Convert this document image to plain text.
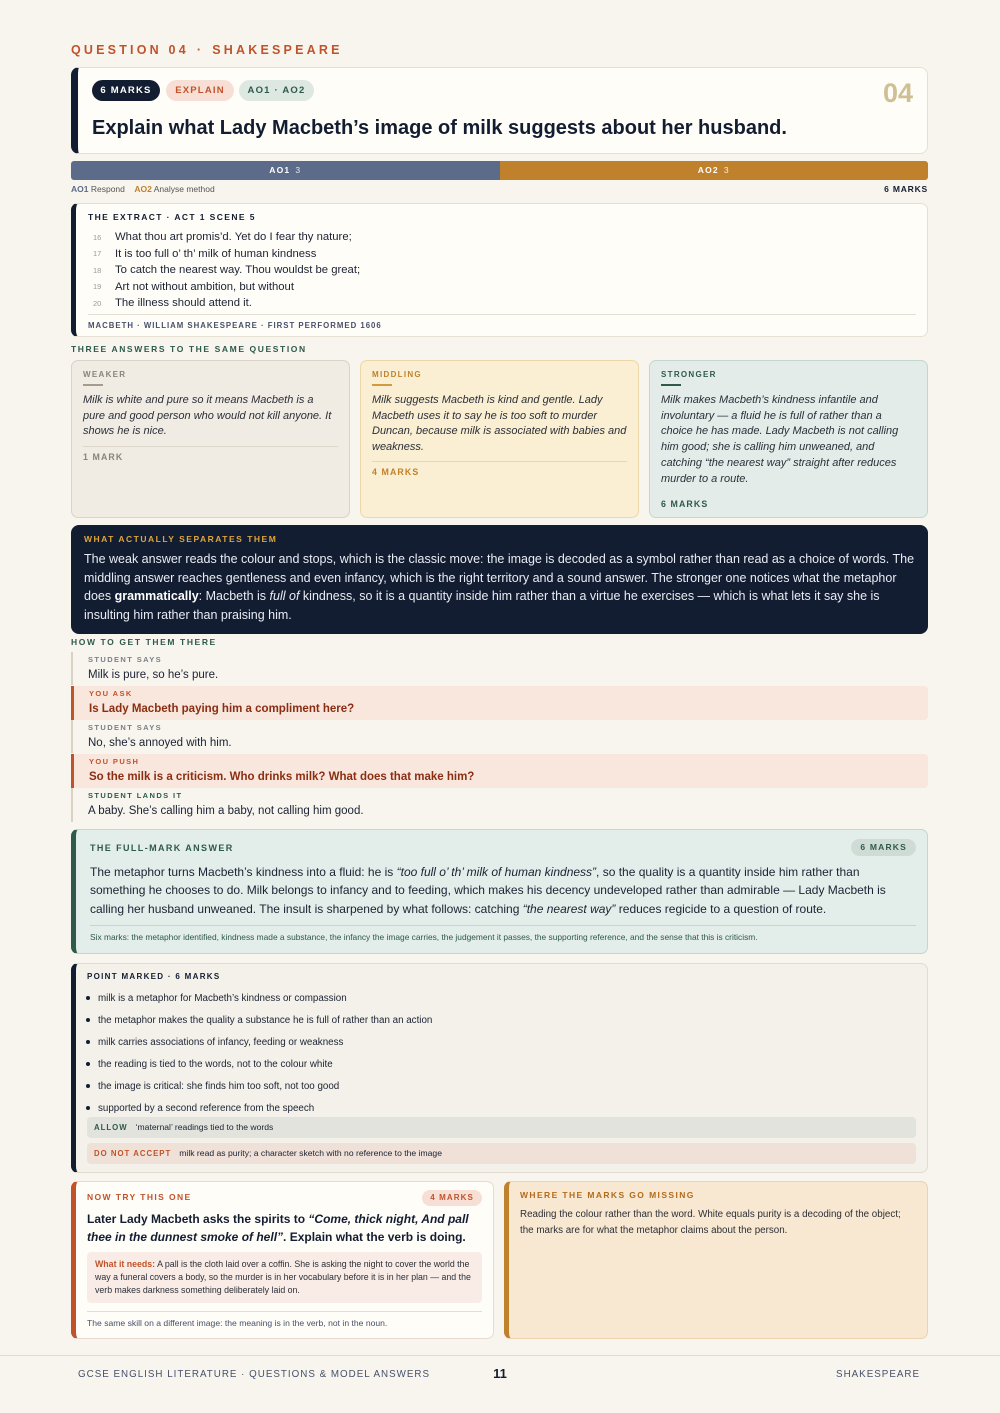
QUESTION 04 · SHAKESPEARE
6 MARKS	EXPLAIN	AO1 · AO2	04
Explain what Lady Macbeth’s image of milk suggests about her husband.
AO1 3	AO2 3
AO1 Respond AO2 Analyse method	6 MARKS
THE EXTRACT · ACT 1 SCENE 5
16	What thou art promis’d. Yet do I fear thy nature;
17	It is too full o’ th’ milk of human kindness
18	To catch the nearest way. Thou wouldst be great;
19	Art not without ambition, but without
20	The illness should attend it.
MACBETH · WILLIAM SHAKESPEARE · FIRST PERFORMED 1606
THREE ANSWERS TO THE SAME QUESTION
WEAKER
Milk is white and pure so it means Macbeth is a pure and good person who would not kill anyone. It shows he is nice.
1 MARK
MIDDLING
Milk suggests Macbeth is kind and gentle. Lady Macbeth uses it to say he is too soft to murder Duncan, because milk is associated with babies and weakness.
4 MARKS
STRONGER
Milk makes Macbeth’s kindness infantile and involuntary — a fluid he is full of rather than a choice he has made. Lady Macbeth is not calling him good; she is calling him unweaned, and catching “the nearest way” straight after reduces murder to a route.
6 MARKS
WHAT ACTUALLY SEPARATES THEM
The weak answer reads the colour and stops, which is the classic move: the image is decoded as a symbol rather than read as a choice of words. The middling answer reaches gentleness and even infancy, which is the right territory and a sound answer. The stronger one notices what the metaphor does grammatically: Macbeth is full of kindness, so it is a quantity inside him rather than a virtue he exercises — which is what lets it say she is insulting him rather than praising him.
HOW TO GET THEM THERE
STUDENT SAYS
Milk is pure, so he’s pure.
YOU ASK
Is Lady Macbeth paying him a compliment here?
STUDENT SAYS
No, she’s annoyed with him.
YOU PUSH
So the milk is a criticism. Who drinks milk? What does that make him?
STUDENT LANDS IT
A baby. She’s calling him a baby, not calling him good.
THE FULL-MARK ANSWER	6 MARKS
The metaphor turns Macbeth’s kindness into a fluid: he is “too full o’ th’ milk of human kindness”, so the quality is a quantity inside him rather than something he chooses to do. Milk belongs to infancy and to feeding, which makes his decency undeveloped rather than admirable — Lady Macbeth is calling her husband unweaned. The insult is sharpened by what follows: catching “the nearest way” reduces regicide to a question of route.
Six marks: the metaphor identified, kindness made a substance, the infancy the image carries, the judgement it passes, the supporting reference, and the sense that this is criticism.
POINT MARKED · 6 MARKS
milk is a metaphor for Macbeth’s kindness or compassion
the metaphor makes the quality a substance he is full of rather than an action
milk carries associations of infancy, feeding or weakness
the reading is tied to the words, not to the colour white
the image is critical: she finds him too soft, not too good
supported by a second reference from the speech
ALLOW ‘maternal’ readings tied to the words
DO NOT ACCEPT milk read as purity; a character sketch with no reference to the image
NOW TRY THIS ONE	4 MARKS
Later Lady Macbeth asks the spirits to “Come, thick night, And pall thee in the dunnest smoke of hell”. Explain what the verb is doing.
What it needs: A pall is the cloth laid over a coffin. She is asking the night to cover the world the way a funeral covers a body, so the murder is in her vocabulary before it is in her plan — and the verb makes darkness something deliberately laid on.
The same skill on a different image: the meaning is in the verb, not in the noun.
WHERE THE MARKS GO MISSING
Reading the colour rather than the word. White equals purity is a decoding of the object; the marks are for what the metaphor claims about the person.
GCSE ENGLISH LITERATURE · QUESTIONS & MODEL ANSWERS	11	SHAKESPEARE
